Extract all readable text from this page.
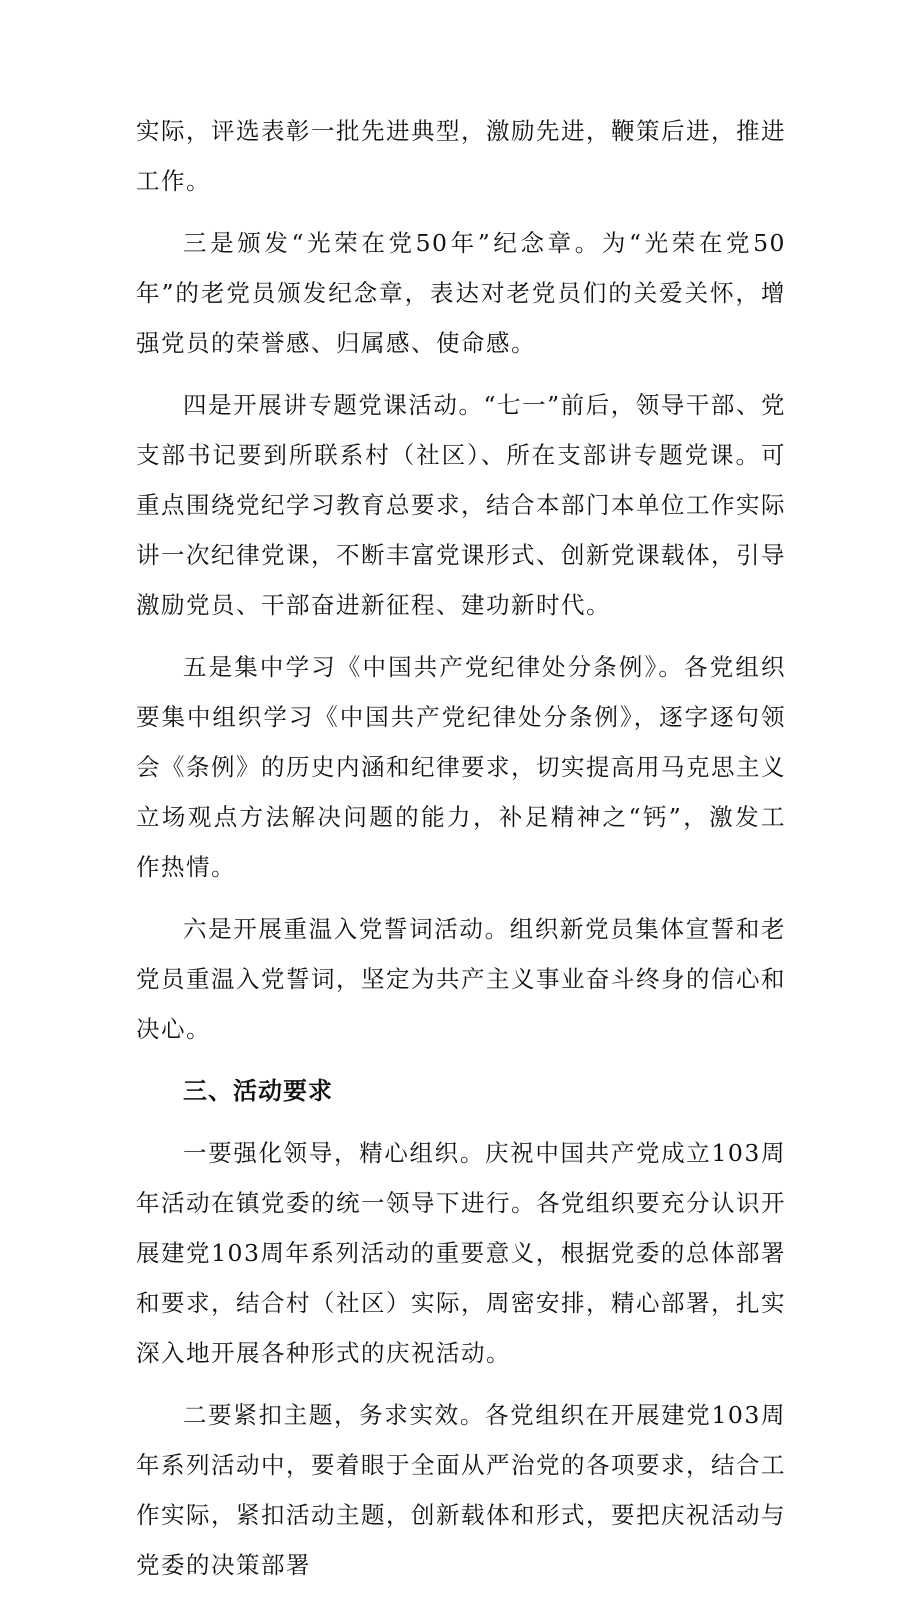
实际，评选表彰一批先进典型，激励先进，鞭策后进，推进工作。

三是颁发“光荣在党50年”纪念章。为“光荣在党50年”的老党员颁发纪念章，表达对老党员们的关爱关怀，增强党员的荣誉感、归属感、使命感。

四是开展讲专题党课活动。“七一”前后，领导干部、党支部书记要到所联系村（社区）、所在支部讲专题党课。可重点围绕党纪学习教育总要求，结合本部门本单位工作实际讲一次纪律党课，不断丰富党课形式、创新党课载体，引导激励党员、干部奋进新征程、建功新时代。

五是集中学习《中国共产党纪律处分条例》。各党组织要集中组织学习《中国共产党纪律处分条例》，逐字逐句领会《条例》的历史内涵和纪律要求，切实提高用马克思主义立场观点方法解决问题的能力，补足精神之“钙”，激发工作热情。

六是开展重温入党誓词活动。组织新党员集体宣誓和老党员重温入党誓词，坚定为共产主义事业奋斗终身的信心和决心。

三、活动要求

一要强化领导，精心组织。庆祝中国共产党成立103周年活动在镇党委的统一领导下进行。各党组织要充分认识开展建党103周年系列活动的重要意义，根据党委的总体部署和要求，结合村（社区）实际，周密安排，精心部署，扎实深入地开展各种形式的庆祝活动。

二要紧扣主题，务求实效。各党组织在开展建党103周年系列活动中，要着眼于全面从严治党的各项要求，结合工作实际，紧扣活动主题，创新载体和形式，要把庆祝活动与党委的决策部署
